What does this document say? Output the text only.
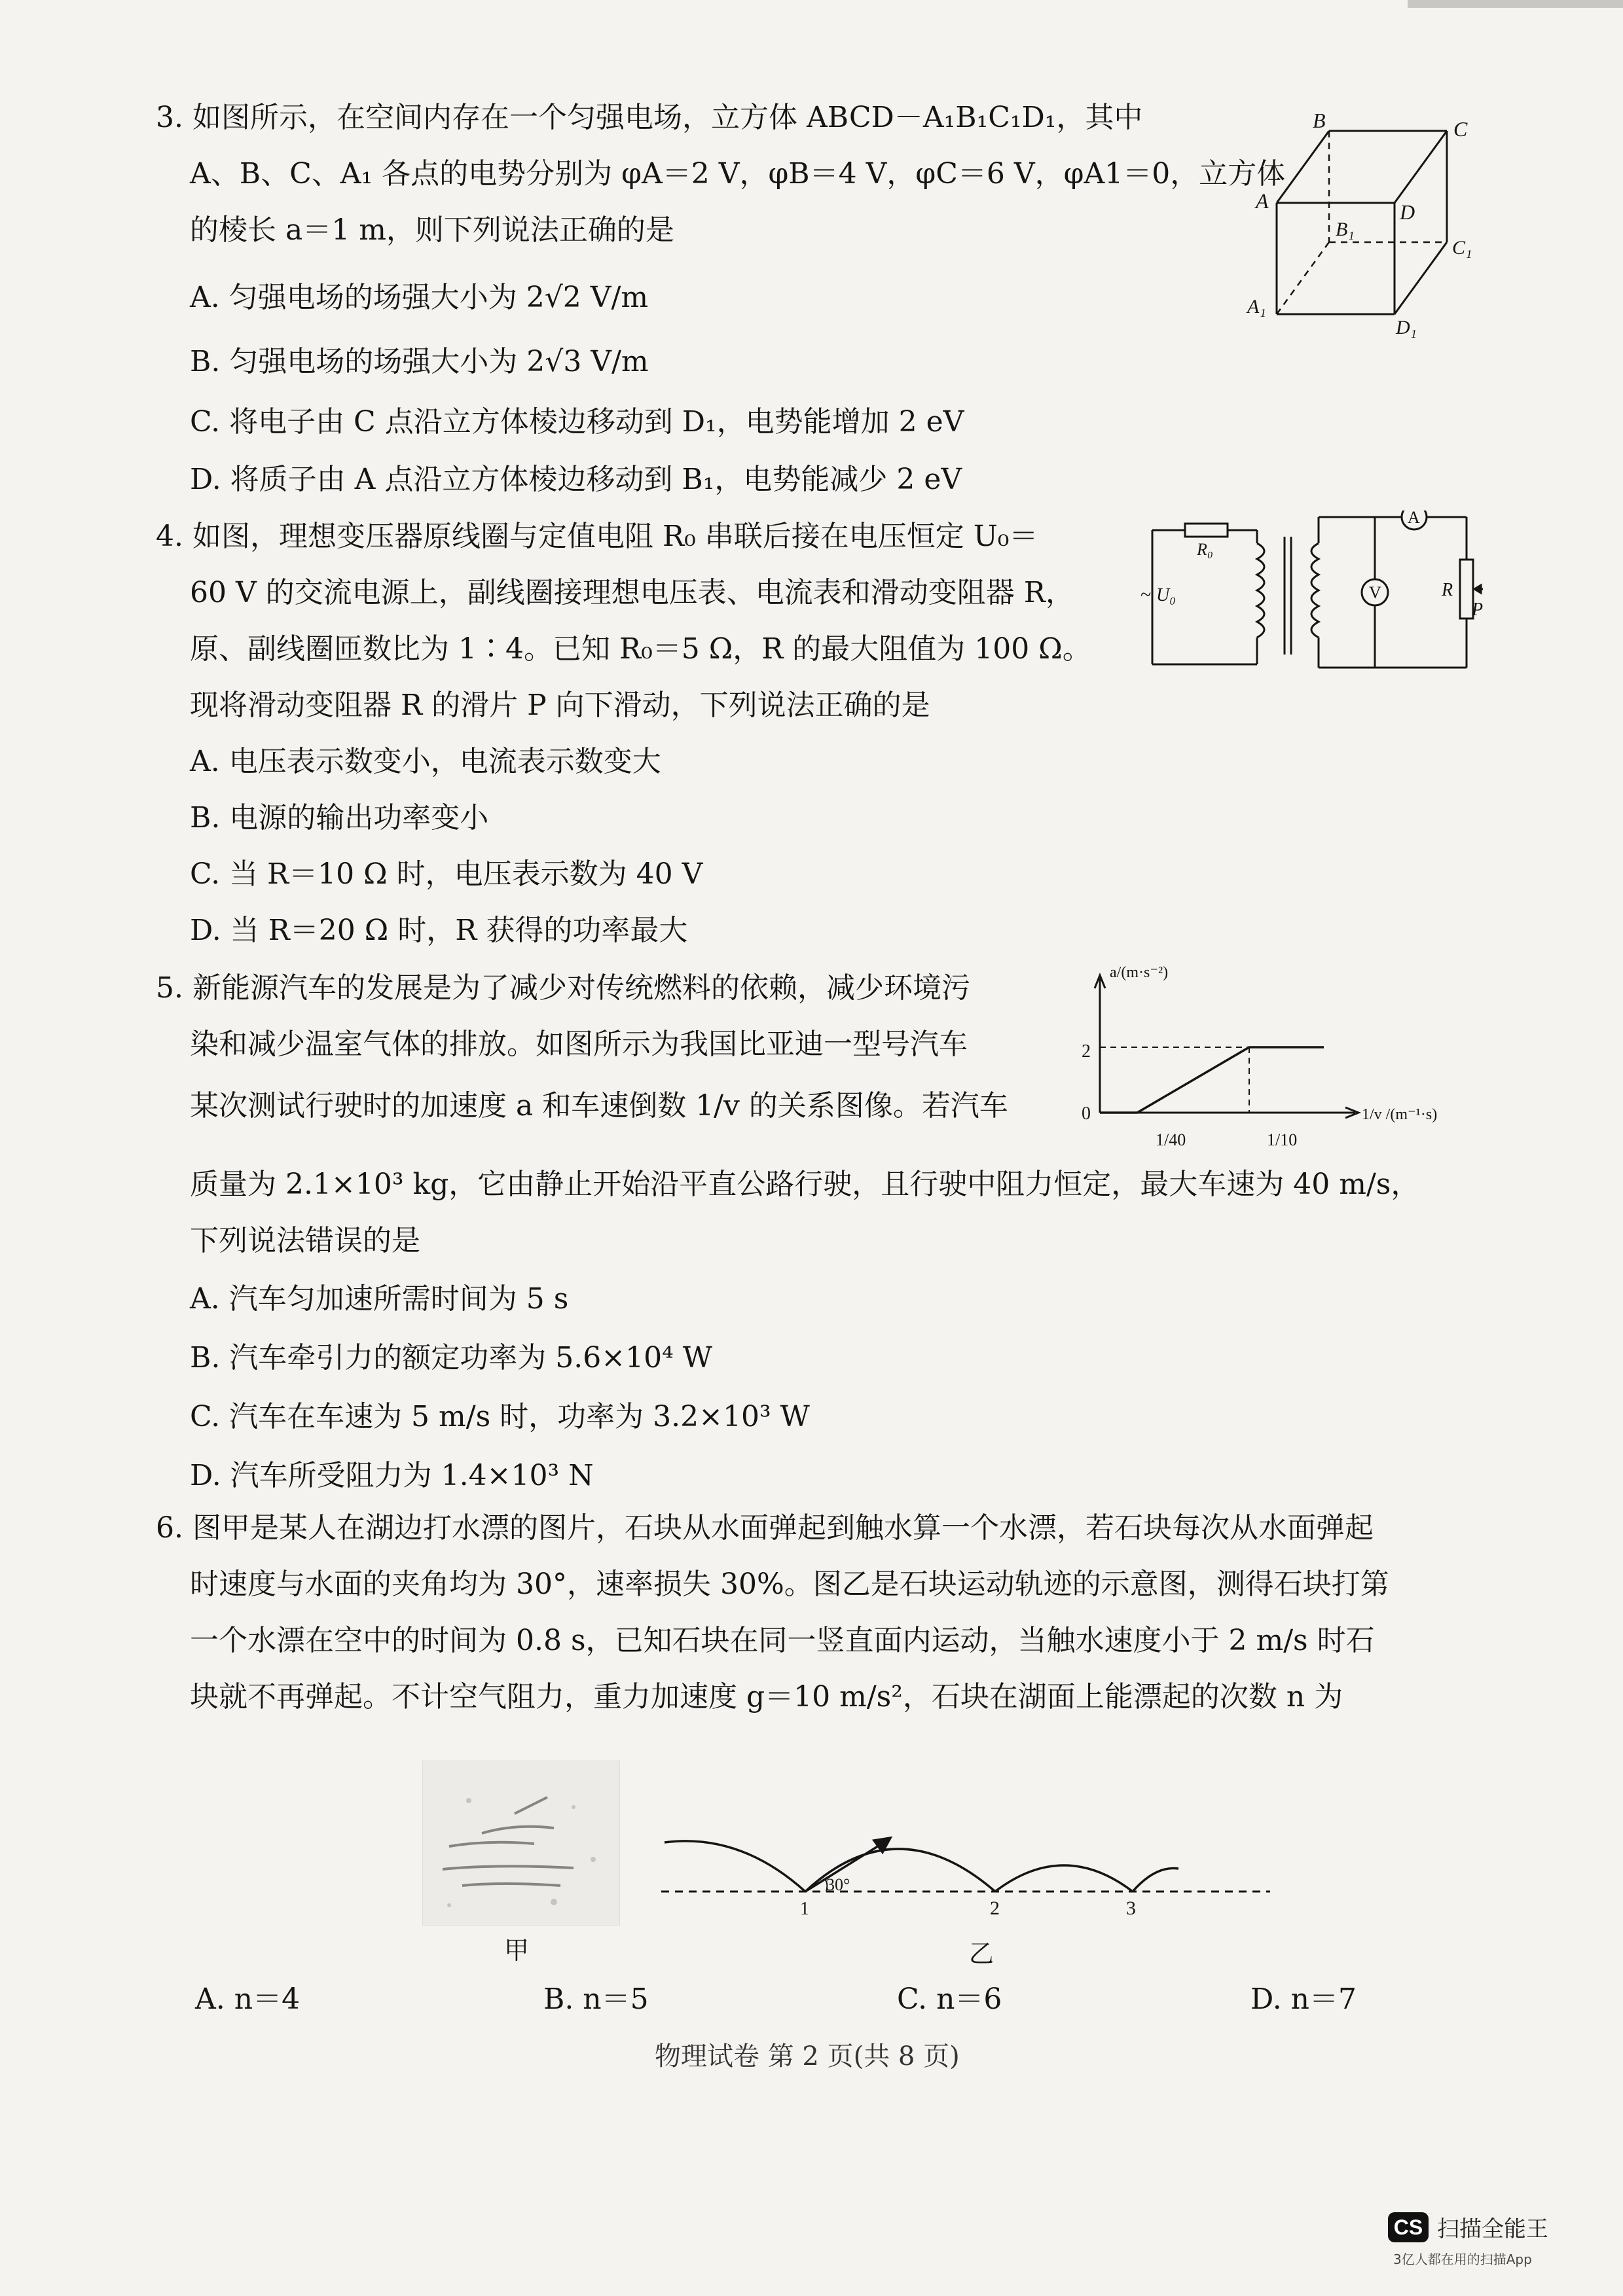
3. 如图所示，在空间内存在一个匀强电场，立方体 ABCD－A₁B₁C₁D₁，其中
A、B、C、A₁ 各点的电势分别为 φA＝2 V，φB＝4 V，φC＝6 V，φA1＝0，立方体
的棱长 a＝1 m，则下列说法正确的是
A. 匀强电场的场强大小为 2√2 V/m
B. 匀强电场的场强大小为 2√3 V/m
C. 将电子由 C 点沿立方体棱边移动到 D₁，电势能增加 2 eV
D. 将质子由 A 点沿立方体棱边移动到 B₁，电势能减少 2 eV
B	C
A	D
B₁
C₁
A₁
D₁
4. 如图，理想变压器原线圈与定值电阻 R₀ 串联后接在电压恒定 U₀＝
60 V 的交流电源上，副线圈接理想电压表、电流表和滑动变阻器 R，
原、副线圈匝数比为 1∶4。已知 R₀＝5 Ω，R 的最大阻值为 100 Ω。
现将滑动变阻器 R 的滑片 P 向下滑动，下列说法正确的是
A. 电压表示数变小，电流表示数变大
B. 电源的输出功率变小
C. 当 R＝10 Ω 时，电压表示数为 40 V
D. 当 R＝20 Ω 时，R 获得的功率最大
R₀
~ U₀
A
V	R
P
5. 新能源汽车的发展是为了减少对传统燃料的依赖，减少环境污
染和减少温室气体的排放。如图所示为我国比亚迪一型号汽车
某次测试行驶时的加速度 a 和车速倒数 1/v 的关系图像。若汽车
质量为 2.1×10³ kg，它由静止开始沿平直公路行驶，且行驶中阻力恒定，最大车速为 40 m/s，
下列说法错误的是
A. 汽车匀加速所需时间为 5 s
B. 汽车牵引力的额定功率为 5.6×10⁴ W
C. 汽车在车速为 5 m/s 时，功率为 3.2×10³ W
D. 汽车所受阻力为 1.4×10³ N
a/(m·s⁻²)
0
2
1/40	1/10
1/v /(m⁻¹·s)
6. 图甲是某人在湖边打水漂的图片，石块从水面弹起到触水算一个水漂，若石块每次从水面弹起
时速度与水面的夹角均为 30°，速率损失 30%。图乙是石块运动轨迹的示意图，测得石块打第
一个水漂在空中的时间为 0.8 s，已知石块在同一竖直面内运动，当触水速度小于 2 m/s 时石
块就不再弹起。不计空气阻力，重力加速度 g＝10 m/s²，石块在湖面上能漂起的次数 n 为
甲
30°
1	2	3
乙
A. n＝4	B. n＝5	C. n＝6	D. n＝7
物理试卷 第 2 页(共 8 页)
CS 扫描全能王
3亿人都在用的扫描App
